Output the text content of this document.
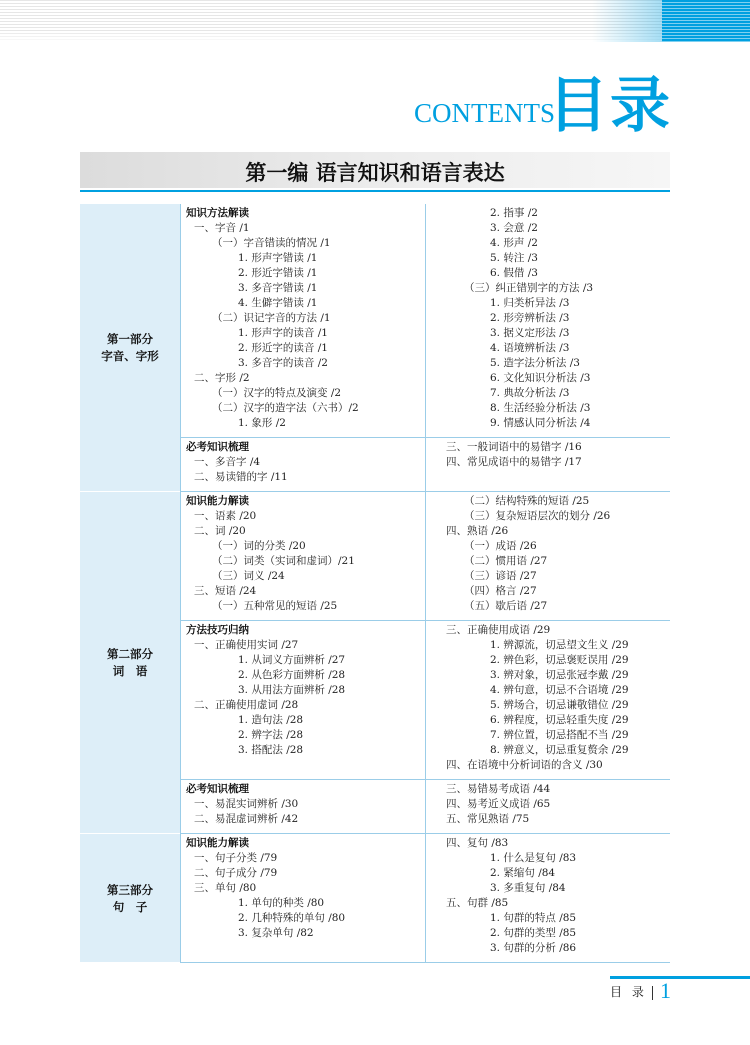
CONTENTS
目录
第一编 语言知识和语言表达
第三部分
句　子
第二部分
词　语
第一部分
字音、字形
知识方法解读
一、字音 /1
（一）字音错读的情况 /1
1. 形声字错读 /1
2. 形近字错读 /1
3. 多音字错读 /1
4. 生僻字错读 /1
（二）识记字音的方法 /1
1. 形声字的读音 /1
2. 形近字的读音 /1
3. 多音字的读音 /2
二、字形 /2
（一）汉字的特点及演变 /2
（二）汉字的造字法（六书）/2
1. 象形 /2
2. 指事 /2
3. 会意 /2
4. 形声 /2
5. 转注 /3
6. 假借 /3
（三）纠正错别字的方法 /3
1. 归类析异法 /3
2. 形旁辨析法 /3
3. 据义定形法 /3
4. 语境辨析法 /3
5. 造字法分析法 /3
6. 文化知识分析法 /3
7. 典故分析法 /3
8. 生活经验分析法 /3
9. 情感认同分析法 /4
必考知识梳理
一、多音字 /4
二、易读错的字 /11
三、一般词语中的易错字 /16
四、常见成语中的易错字 /17
知识能力解读
一、语素 /20
二、词 /20
（一）词的分类 /20
（二）词类（实词和虚词）/21
（三）词义 /24
三、短语 /24
（一）五种常见的短语 /25
（二）结构特殊的短语 /25
（三）复杂短语层次的划分 /26
四、熟语 /26
（一）成语 /26
（二）惯用语 /27
（三）谚语 /27
（四）格言 /27
（五）歇后语 /27
方法技巧归纳
一、正确使用实词 /27
1. 从词义方面辨析 /27
2. 从色彩方面辨析 /28
3. 从用法方面辨析 /28
二、正确使用虚词 /28
1. 造句法 /28
2. 辨字法 /28
3. 搭配法 /28
三、正确使用成语 /29
1. 辨源流，切忌望文生义 /29
2. 辨色彩，切忌褒贬误用 /29
3. 辨对象，切忌张冠李戴 /29
4. 辨句意，切忌不合语境 /29
5. 辨场合，切忌谦敬错位 /29
6. 辨程度，切忌轻重失度 /29
7. 辨位置，切忌搭配不当 /29
8. 辨意义，切忌重复赘余 /29
四、在语境中分析词语的含义 /30
必考知识梳理
一、易混实词辨析 /30
二、易混虚词辨析 /42
三、易错易考成语 /44
四、易考近义成语 /65
五、常见熟语 /75
知识能力解读
一、句子分类 /79
二、句子成分 /79
三、单句 /80
1. 单句的种类 /80
2. 几种特殊的单句 /80
3. 复杂单句 /82
四、复句 /83
1. 什么是复句 /83
2. 紧缩句 /84
3. 多重复句 /84
五、句群 /85
1. 句群的特点 /85
2. 句群的类型 /85
3. 句群的分析 /86
目 录 1
